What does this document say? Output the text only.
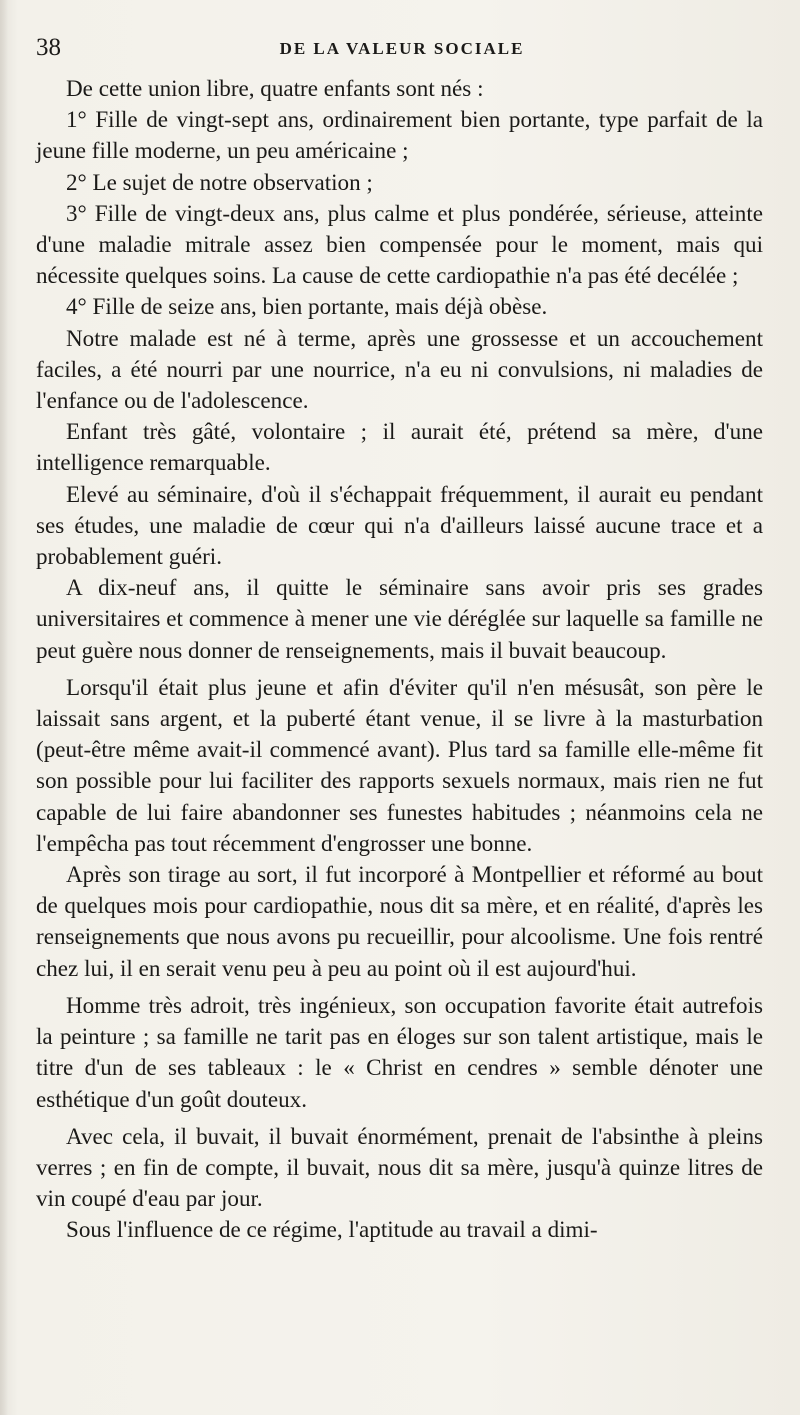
38	DE LA VALEUR SOCIALE

De cette union libre, quatre enfants sont nés :

1° Fille de vingt-sept ans, ordinairement bien portante, type parfait de la jeune fille moderne, un peu américaine ;

2° Le sujet de notre observation ;

3° Fille de vingt-deux ans, plus calme et plus pondérée, sérieuse, atteinte d'une maladie mitrale assez bien compensée pour le moment, mais qui nécessite quelques soins. La cause de cette cardiopathie n'a pas été decélée ;

4° Fille de seize ans, bien portante, mais déjà obèse.

Notre malade est né à terme, après une grossesse et un accouchement faciles, a été nourri par une nourrice, n'a eu ni convulsions, ni maladies de l'enfance ou de l'adolescence.

Enfant très gâté, volontaire ; il aurait été, prétend sa mère, d'une intelligence remarquable.

Elevé au séminaire, d'où il s'échappait fréquemment, il aurait eu pendant ses études, une maladie de cœur qui n'a d'ailleurs laissé aucune trace et a probablement guéri.

A dix-neuf ans, il quitte le séminaire sans avoir pris ses grades universitaires et commence à mener une vie déréglée sur laquelle sa famille ne peut guère nous donner de renseignements, mais il buvait beaucoup.

Lorsqu'il était plus jeune et afin d'éviter qu'il n'en mésusât, son père le laissait sans argent, et la puberté étant venue, il se livre à la masturbation (peut-être même avait-il commencé avant). Plus tard sa famille elle-même fit son possible pour lui faciliter des rapports sexuels normaux, mais rien ne fut capable de lui faire abandonner ses funestes habitudes ; néanmoins cela ne l'empêcha pas tout récemment d'engrosser une bonne.

Après son tirage au sort, il fut incorporé à Montpellier et réformé au bout de quelques mois pour cardiopathie, nous dit sa mère, et en réalité, d'après les renseignements que nous avons pu recueillir, pour alcoolisme. Une fois rentré chez lui, il en serait venu peu à peu au point où il est aujourd'hui.

Homme très adroit, très ingénieux, son occupation favorite était autrefois la peinture ; sa famille ne tarit pas en éloges sur son talent artistique, mais le titre d'un de ses tableaux : le « Christ en cendres » semble dénoter une esthétique d'un goût douteux.

Avec cela, il buvait, il buvait énormément, prenait de l'absinthe à pleins verres ; en fin de compte, il buvait, nous dit sa mère, jusqu'à quinze litres de vin coupé d'eau par jour.

Sous l'influence de ce régime, l'aptitude au travail a dimi-
